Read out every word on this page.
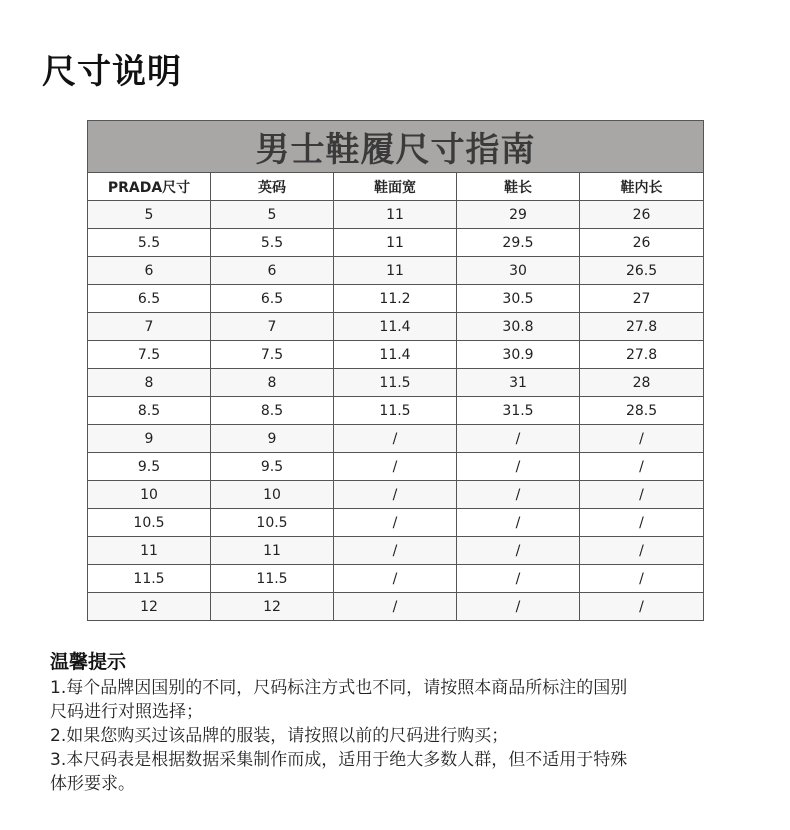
尺寸说明
男士鞋履尺寸指南				
PRADA尺寸	英码	鞋面宽	鞋长	鞋内长
5	5	11	29	26
5.5	5.5	11	29.5	26
6	6	11	30	26.5
6.5	6.5	11.2	30.5	27
7	7	11.4	30.8	27.8
7.5	7.5	11.4	30.9	27.8
8	8	11.5	31	28
8.5	8.5	11.5	31.5	28.5
9	9	/	/	/
9.5	9.5	/	/	/
10	10	/	/	/
10.5	10.5	/	/	/
11	11	/	/	/
11.5	11.5	/	/	/
12	12	/	/	/

温馨提示

1.每个品牌因国别的不同，尺码标注方式也不同，请按照本商品所标注的国别

尺码进行对照选择；

2.如果您购买过该品牌的服装，请按照以前的尺码进行购买；

3.本尺码表是根据数据采集制作而成，适用于绝大多数人群，但不适用于特殊

体形要求。
